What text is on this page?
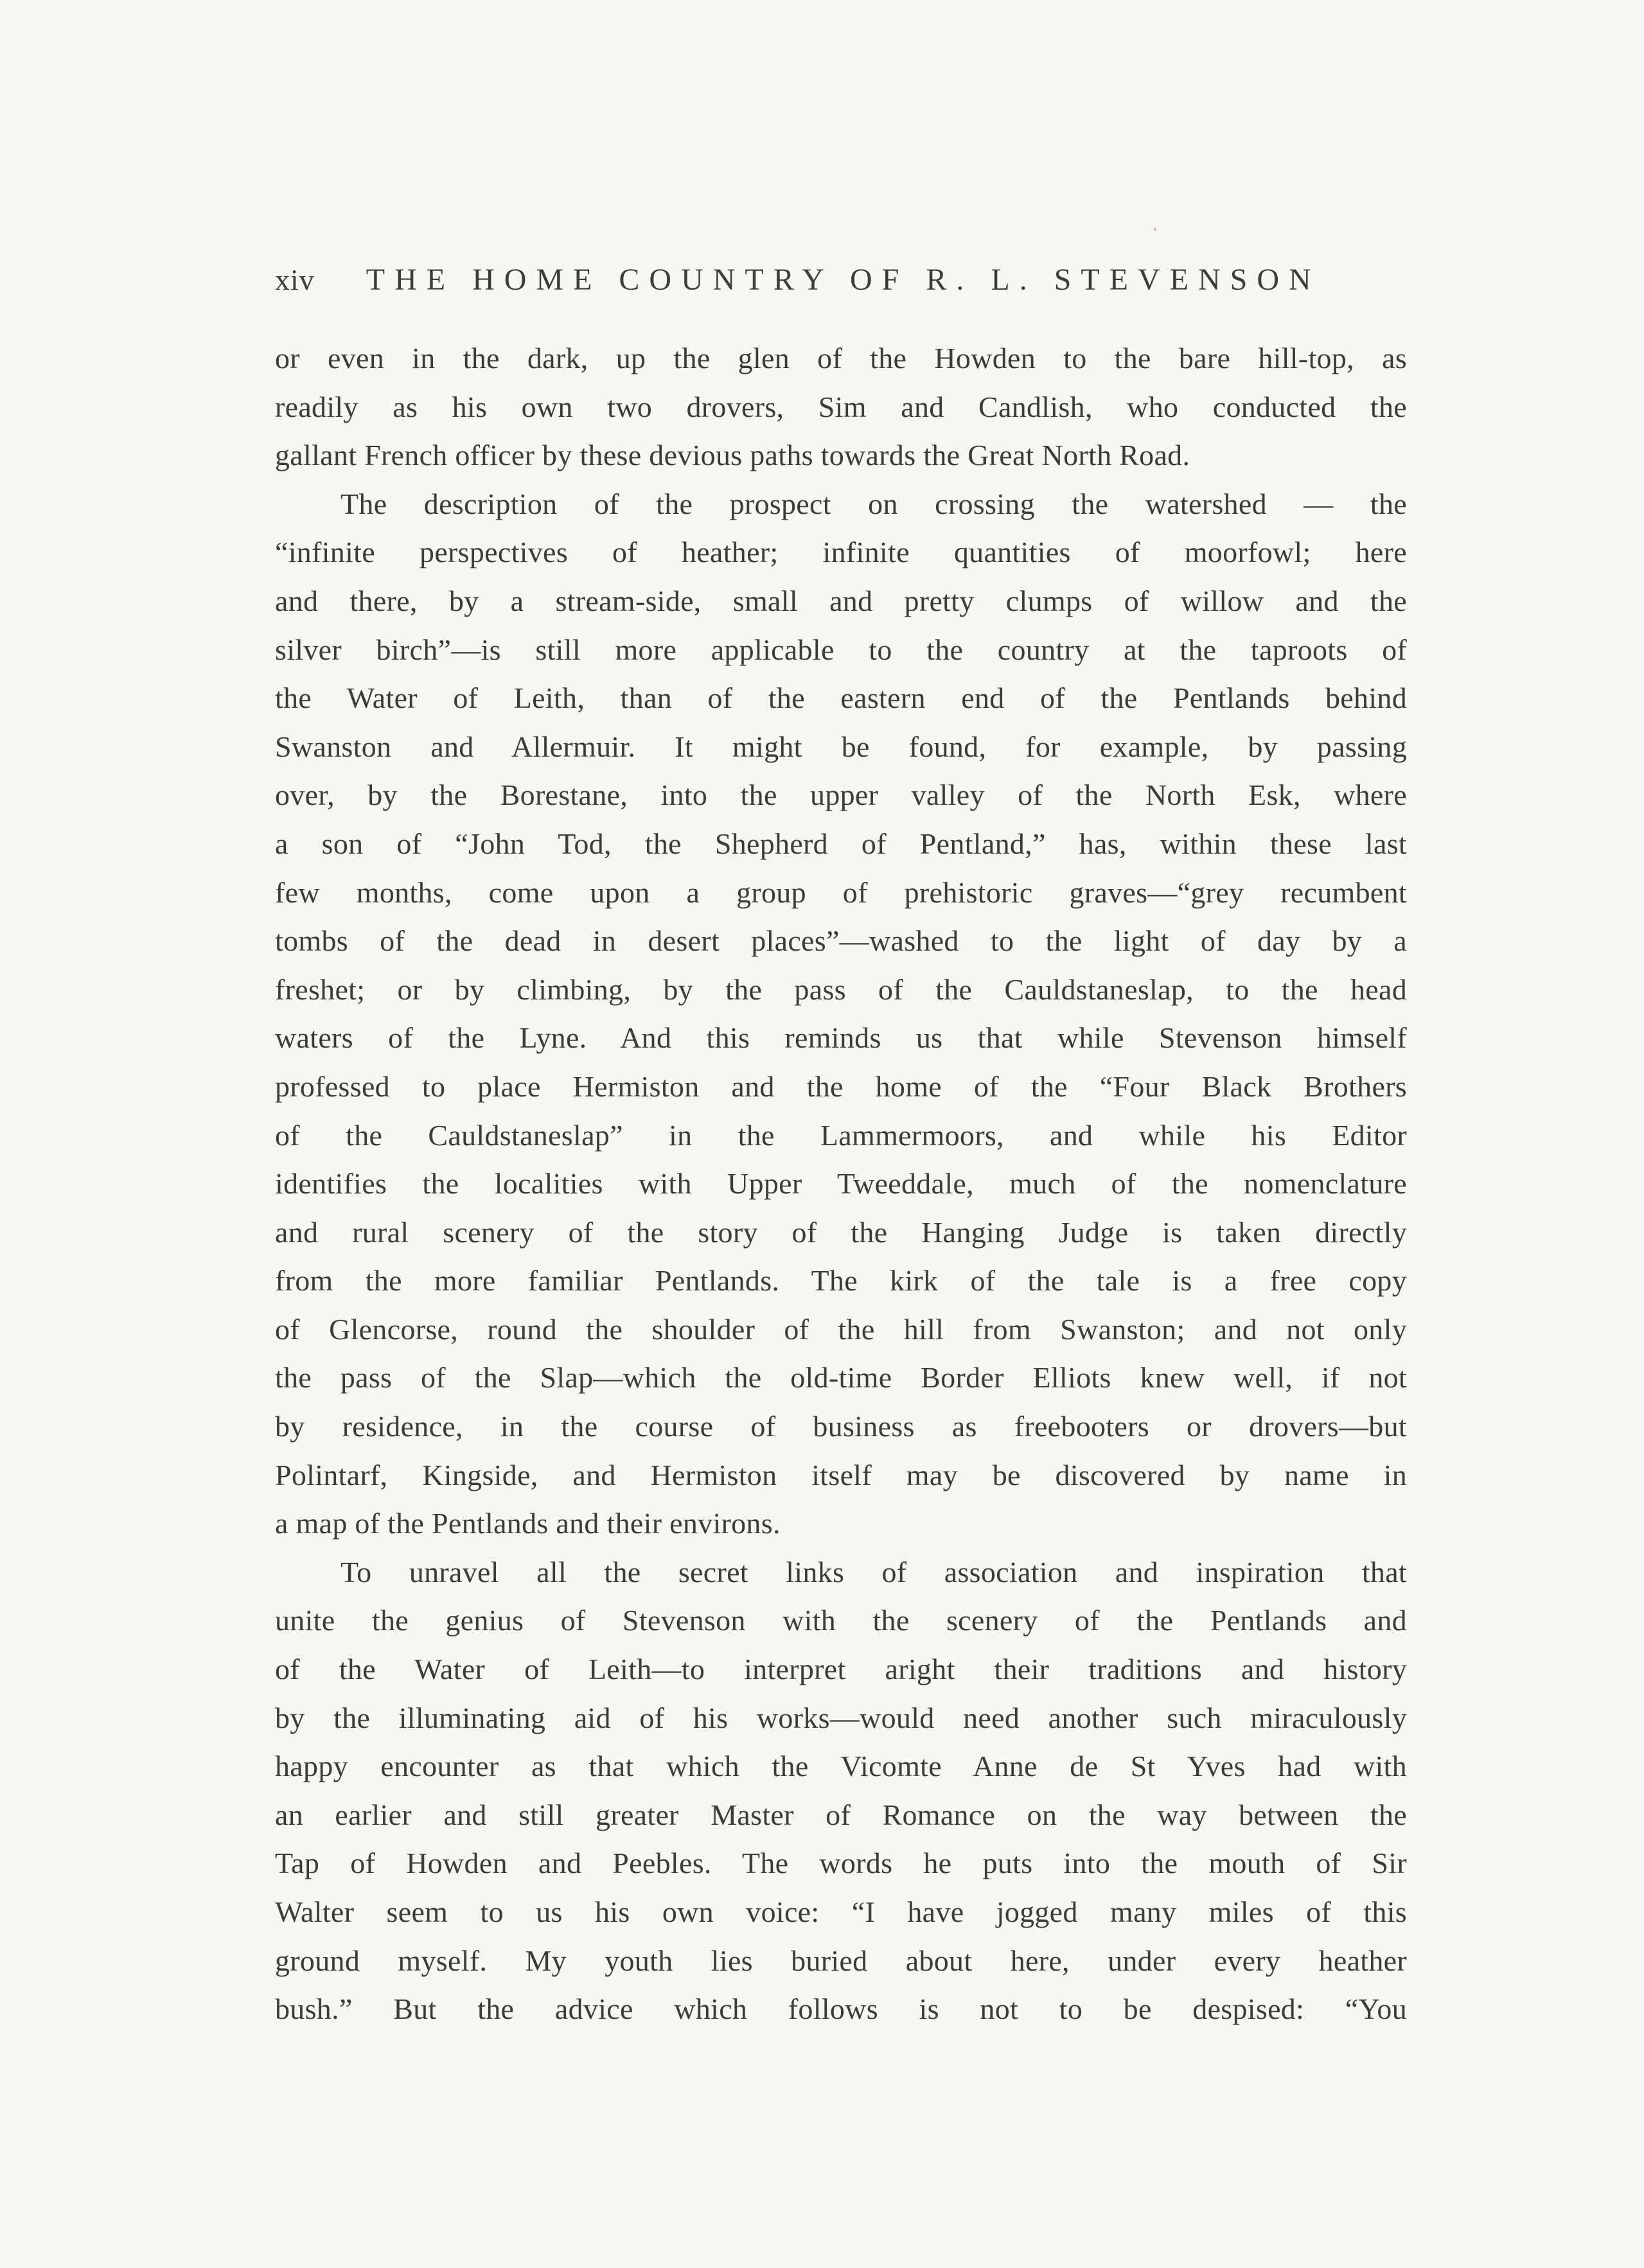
xiv THE HOME COUNTRY OF R. L. STEVENSON
or even in the dark, up the glen of the Howden to the bare hill-top, as
readily as his own two drovers, Sim and Candlish, who conducted the
gallant French officer by these devious paths towards the Great North Road.
The description of the prospect on crossing the watershed — the
“infinite perspectives of heather; infinite quantities of moorfowl; here
and there, by a stream-side, small and pretty clumps of willow and the
silver birch”—is still more applicable to the country at the taproots of
the Water of Leith, than of the eastern end of the Pentlands behind
Swanston and Allermuir. It might be found, for example, by passing
over, by the Borestane, into the upper valley of the North Esk, where
a son of “John Tod, the Shepherd of Pentland,” has, within these last
few months, come upon a group of prehistoric graves—“grey recumbent
tombs of the dead in desert places”—washed to the light of day by a
freshet; or by climbing, by the pass of the Cauldstaneslap, to the head
waters of the Lyne. And this reminds us that while Stevenson himself
professed to place Hermiston and the home of the “Four Black Brothers
of the Cauldstaneslap” in the Lammermoors, and while his Editor
identifies the localities with Upper Tweeddale, much of the nomenclature
and rural scenery of the story of the Hanging Judge is taken directly
from the more familiar Pentlands. The kirk of the tale is a free copy
of Glencorse, round the shoulder of the hill from Swanston; and not only
the pass of the Slap—which the old-time Border Elliots knew well, if not
by residence, in the course of business as freebooters or drovers—but
Polintarf, Kingside, and Hermiston itself may be discovered by name in
a map of the Pentlands and their environs.
To unravel all the secret links of association and inspiration that
unite the genius of Stevenson with the scenery of the Pentlands and
of the Water of Leith—to interpret aright their traditions and history
by the illuminating aid of his works—would need another such miraculously
happy encounter as that which the Vicomte Anne de St Yves had with
an earlier and still greater Master of Romance on the way between the
Tap of Howden and Peebles. The words he puts into the mouth of Sir
Walter seem to us his own voice: “I have jogged many miles of this
ground myself. My youth lies buried about here, under every heather
bush.” But the advice which follows is not to be despised: “You
